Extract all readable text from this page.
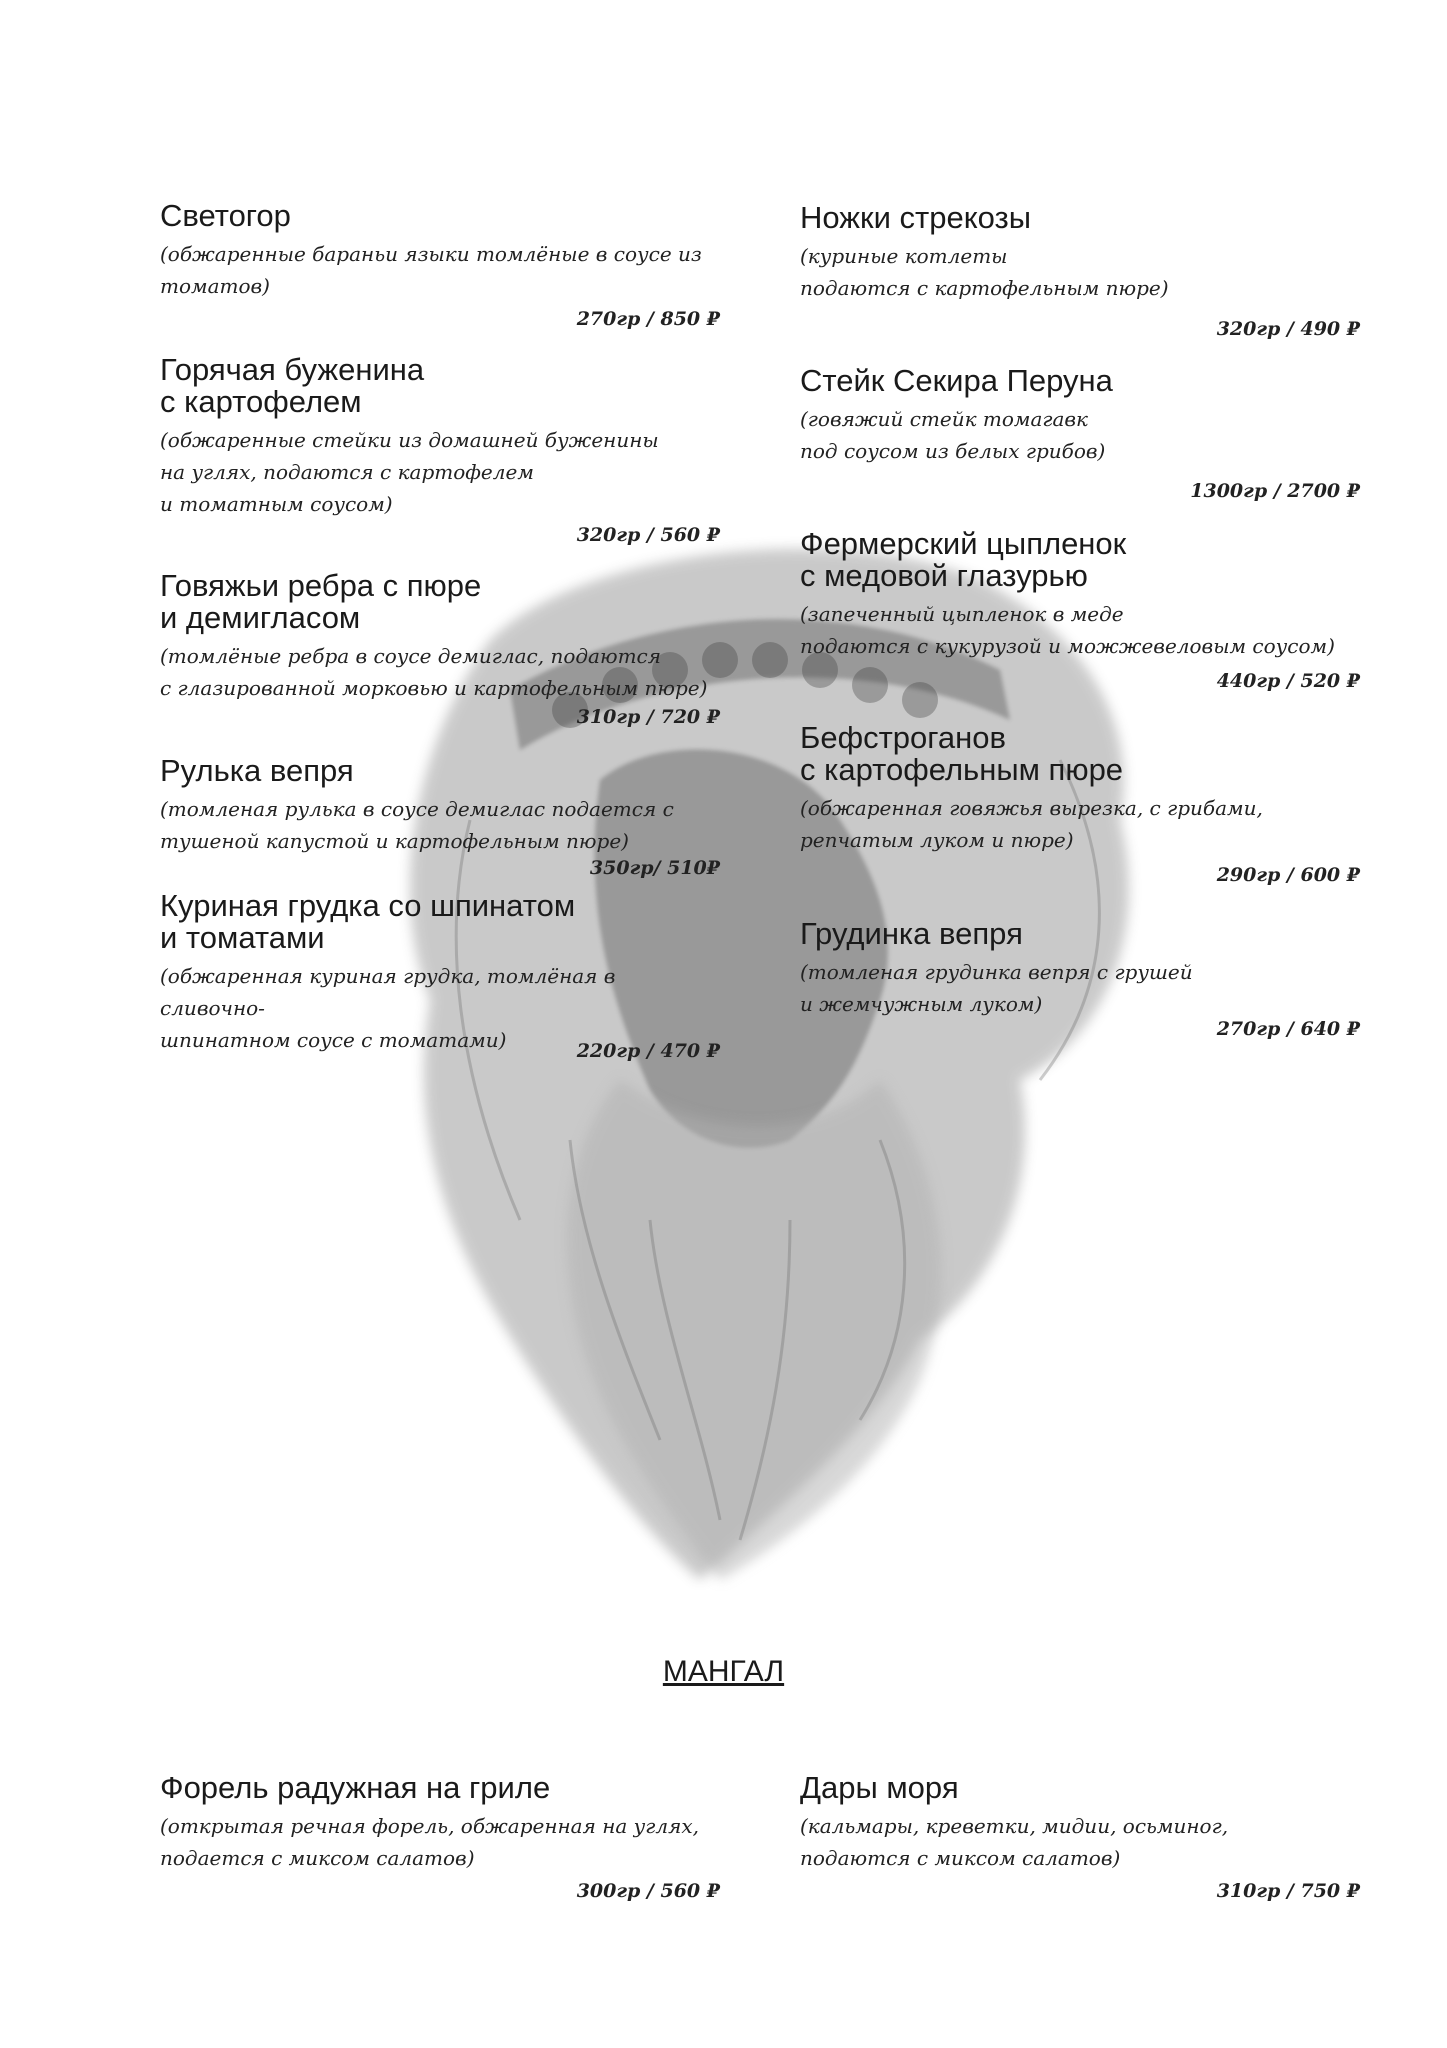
Светогор
(обжаренные бараньи языки томлёные в соусе из
томатов)
270гр / 850 ₽
Горячая буженина
с картофелем
(обжаренные стейки из домашней буженины
на углях, подаются с картофелем
и томатным соусом)
320гр / 560 ₽
Говяжьи ребра с пюре
и демигласом
(томлёные ребра в соусе демиглас, подаются
с глазированной морковью и картофельным пюре)
310гр / 720 ₽
Рулька вепря
(томленая рулька в соусе демиглас подается с
тушеной капустой и картофельным пюре)
350гр/ 510₽
Куриная грудка со шпинатом
и томатами
(обжаренная куриная грудка, томлёная в сливочно-
шпинатном соусе с томатами)	220гр / 470 ₽
Ножки стрекозы
(куриные котлеты
подаются с картофельным пюре)
320гр / 490 ₽
Стейк Секира Перуна
(говяжий стейк томагавк
под соусом из белых грибов)
1300гр / 2700 ₽
Фермерский цыпленок
с медовой глазурью
(запеченный цыпленок в меде
подаются с кукурузой и можжевеловым соусом)
440гр / 520 ₽
Бефстроганов
с картофельным пюре
(обжаренная говяжья вырезка, с грибами,
репчатым луком и пюре)
290гр / 600 ₽
Грудинка вепря
(томленая грудинка вепря с грушей
и жемчужным луком)
270гр / 640 ₽
МАНГАЛ
Форель радужная на гриле
(открытая речная форель, обжаренная на углях,
подается с миксом салатов)
300гр / 560 ₽
Дары моря
(кальмары, креветки, мидии, осьминог,
подаются с миксом салатов)
310гр / 750 ₽
